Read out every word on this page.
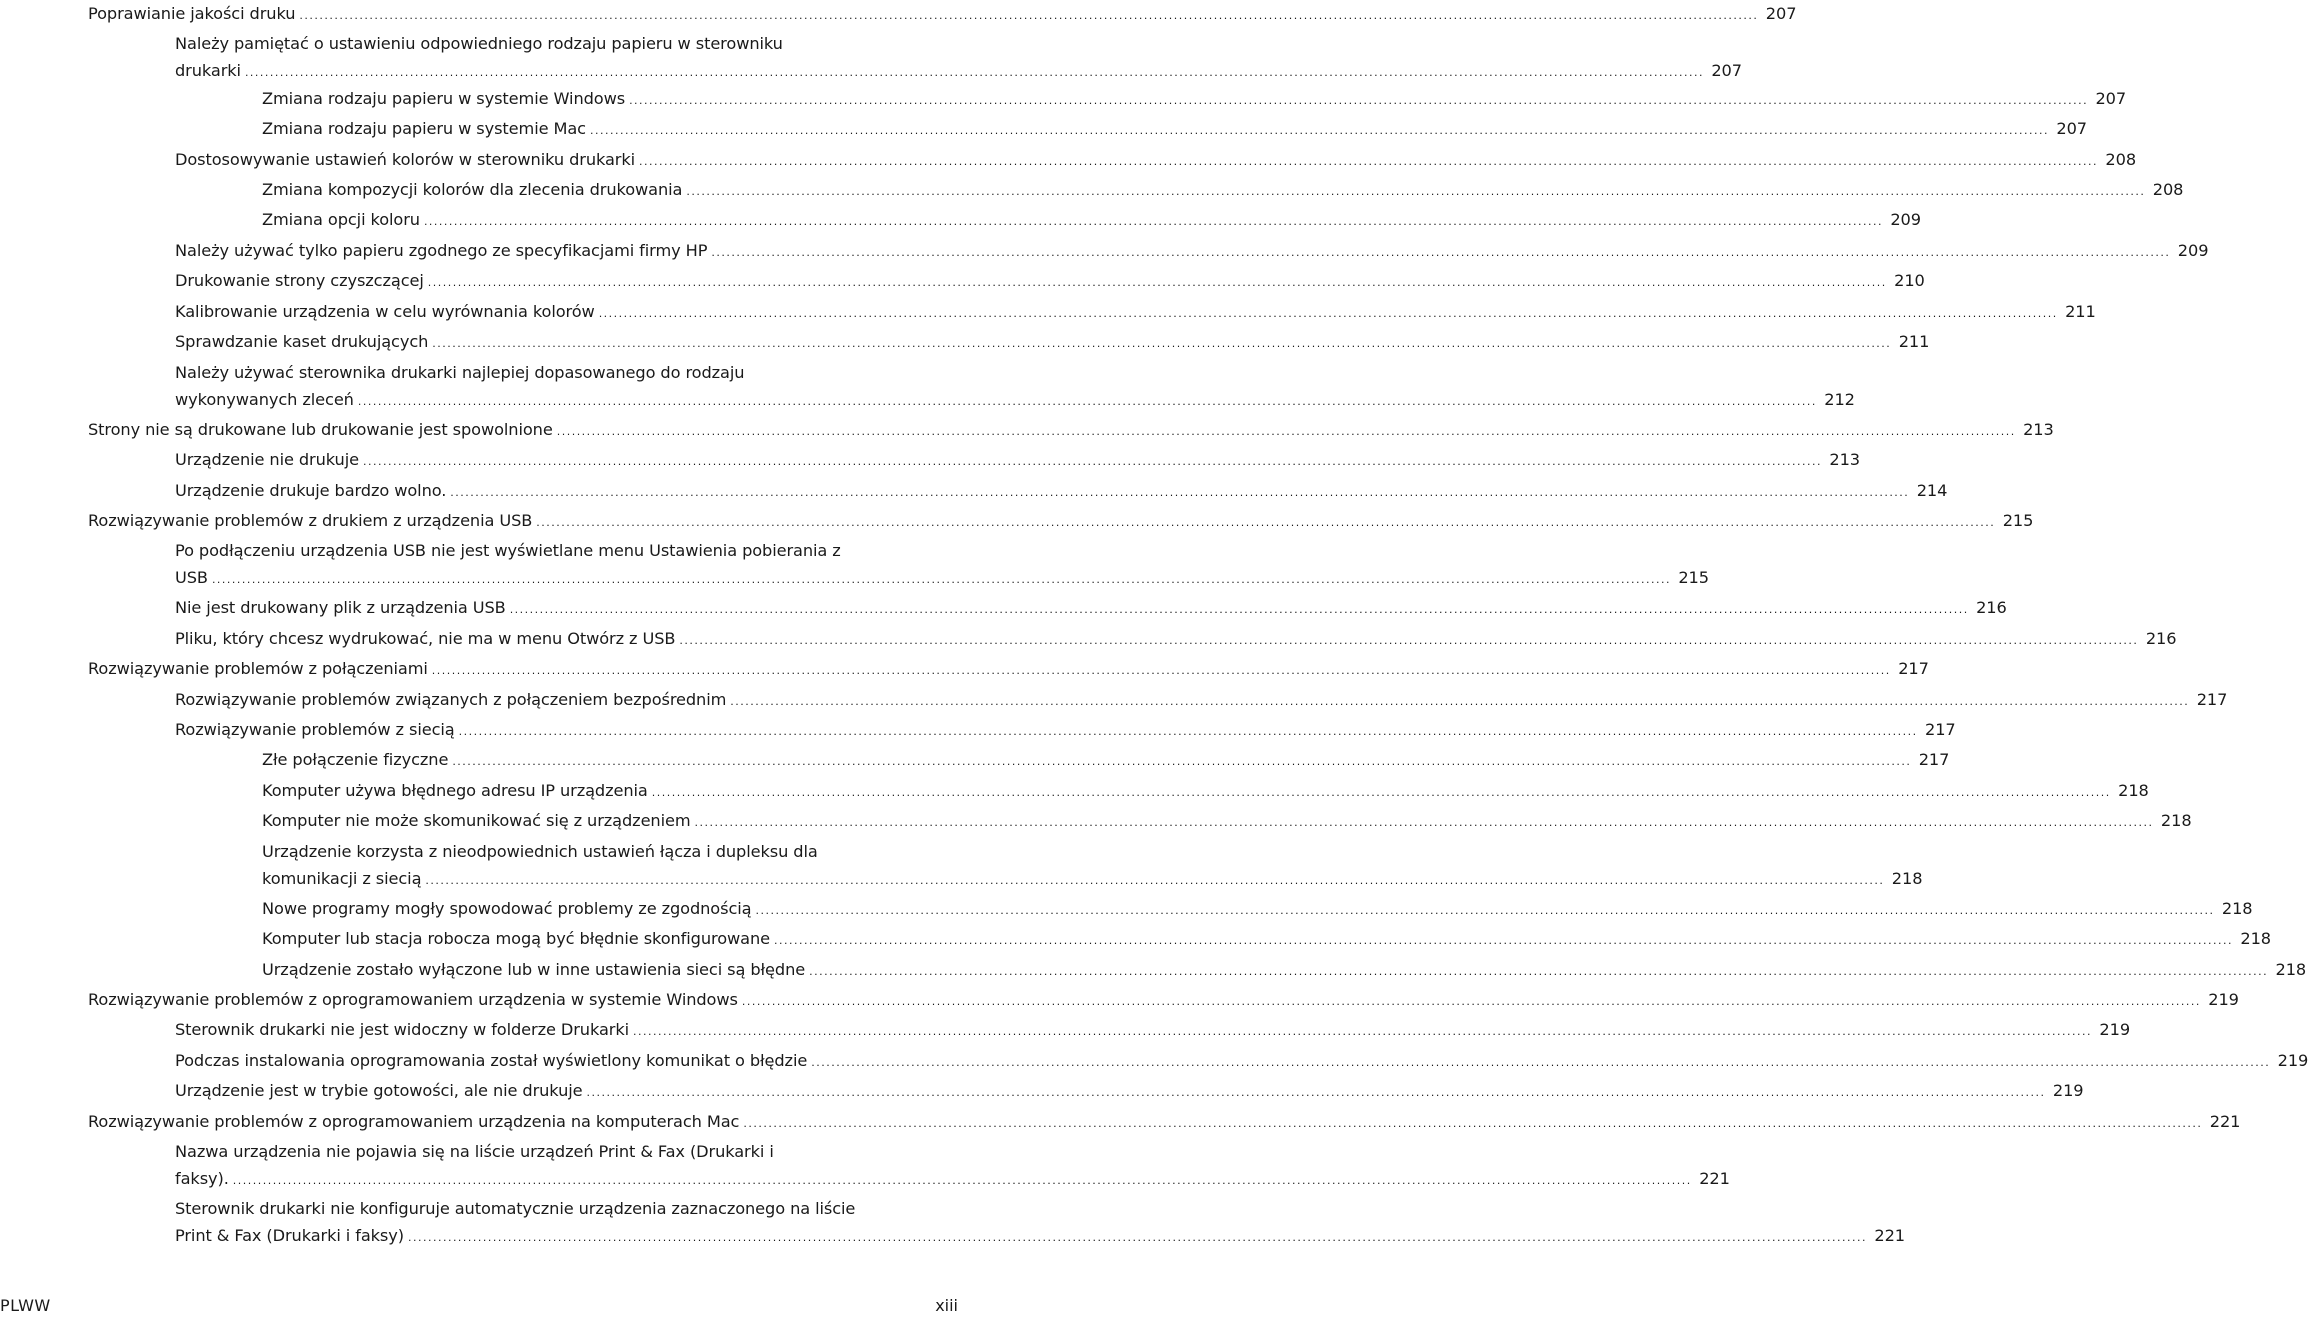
Poprawianie jakości druku .....	207
Należy pamiętać o ustawieniu odpowiedniego rodzaju papieru w sterowniku
drukarki .....	207
Zmiana rodzaju papieru w systemie Windows .....	207
Zmiana rodzaju papieru w systemie Mac .....	207
Dostosowywanie ustawień kolorów w sterowniku drukarki .....	208
Zmiana kompozycji kolorów dla zlecenia drukowania .....	208
Zmiana opcji koloru .....	209
Należy używać tylko papieru zgodnego ze specyfikacjami firmy HP .....	209
Drukowanie strony czyszczącej .....	210
Kalibrowanie urządzenia w celu wyrównania kolorów .....	211
Sprawdzanie kaset drukujących .....	211
Należy używać sterownika drukarki najlepiej dopasowanego do rodzaju
wykonywanych zleceń .....	212
Strony nie są drukowane lub drukowanie jest spowolnione .....	213
Urządzenie nie drukuje .....	213
Urządzenie drukuje bardzo wolno. .....	214
Rozwiązywanie problemów z drukiem z urządzenia USB .....	215
Po podłączeniu urządzenia USB nie jest wyświetlane menu Ustawienia pobierania z
USB .....	215
Nie jest drukowany plik z urządzenia USB .....	216
Pliku, który chcesz wydrukować, nie ma w menu Otwórz z USB .....	216
Rozwiązywanie problemów z połączeniami .....	217
Rozwiązywanie problemów związanych z połączeniem bezpośrednim .....	217
Rozwiązywanie problemów z siecią .....	217
Złe połączenie fizyczne .....	217
Komputer używa błędnego adresu IP urządzenia .....	218
Komputer nie może skomunikować się z urządzeniem .....	218
Urządzenie korzysta z nieodpowiednich ustawień łącza i dupleksu dla
komunikacji z siecią .....	218
Nowe programy mogły spowodować problemy ze zgodnością .....	218
Komputer lub stacja robocza mogą być błędnie skonfigurowane .....	218
Urządzenie zostało wyłączone lub w inne ustawienia sieci są błędne .....	218
Rozwiązywanie problemów z oprogramowaniem urządzenia w systemie Windows .....	219
Sterownik drukarki nie jest widoczny w folderze Drukarki .....	219
Podczas instalowania oprogramowania został wyświetlony komunikat o błędzie .....	219
Urządzenie jest w trybie gotowości, ale nie drukuje .....	219
Rozwiązywanie problemów z oprogramowaniem urządzenia na komputerach Mac .....	221
Nazwa urządzenia nie pojawia się na liście urządzeń Print & Fax (Drukarki i
faksy). .....	221
Sterownik drukarki nie konfiguruje automatycznie urządzenia zaznaczonego na liście
Print & Fax (Drukarki i faksy) .....	221
PLWW	xiii
